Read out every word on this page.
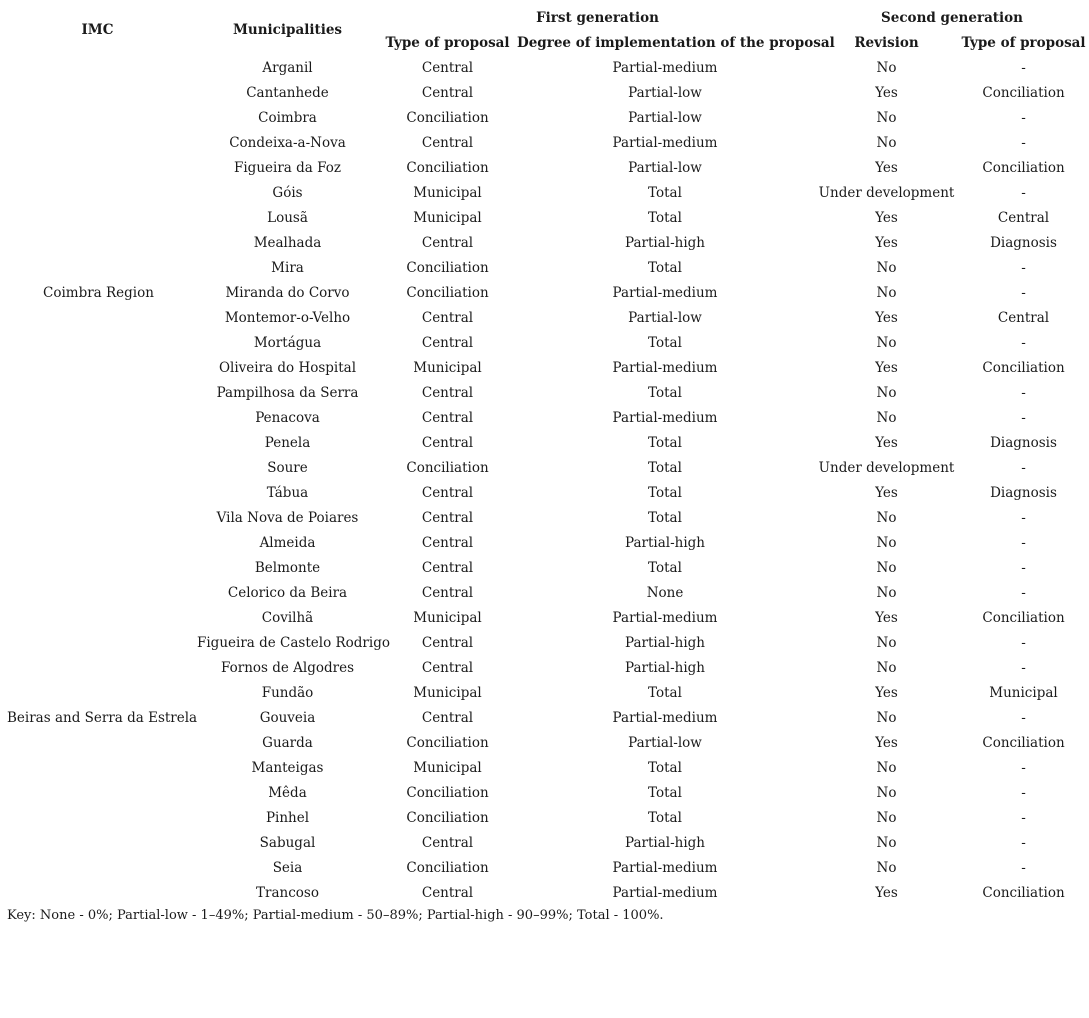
IMC	Municipalities	First generation		Second generation	
		Type of proposal	Degree of implementation of the proposal	Revision	Type of proposal
Coimbra Region	Arganil	Central	Partial-medium	No	-
	Cantanhede	Central	Partial-low	Yes	Conciliation
	Coimbra	Conciliation	Partial-low	No	-
	Condeixa-a-Nova	Central	Partial-medium	No	-
	Figueira da Foz	Conciliation	Partial-low	Yes	Conciliation
	Góis	Municipal	Total	Under development	-
	Lousã	Municipal	Total	Yes	Central
	Mealhada	Central	Partial-high	Yes	Diagnosis
	Mira	Conciliation	Total	No	-
	Miranda do Corvo	Conciliation	Partial-medium	No	-
	Montemor-o-Velho	Central	Partial-low	Yes	Central
	Mortágua	Central	Total	No	-
	Oliveira do Hospital	Municipal	Partial-medium	Yes	Conciliation
	Pampilhosa da Serra	Central	Total	No	-
	Penacova	Central	Partial-medium	No	-
	Penela	Central	Total	Yes	Diagnosis
	Soure	Conciliation	Total	Under development	-
	Tábua	Central	Total	Yes	Diagnosis
	Vila Nova de Poiares	Central	Total	No	-
Beiras and Serra da Estrela	Almeida	Central	Partial-high	No	-
	Belmonte	Central	Total	No	-
	Celorico da Beira	Central	None	No	-
	Covilhã	Municipal	Partial-medium	Yes	Conciliation
	Figueira de Castelo Rodrigo	Central	Partial-high	No	-
	Fornos de Algodres	Central	Partial-high	No	-
	Fundão	Municipal	Total	Yes	Municipal
	Gouveia	Central	Partial-medium	No	-
	Guarda	Conciliation	Partial-low	Yes	Conciliation
	Manteigas	Municipal	Total	No	-
	Mêda	Conciliation	Total	No	-
	Pinhel	Conciliation	Total	No	-
	Sabugal	Central	Partial-high	No	-
	Seia	Conciliation	Partial-medium	No	-
	Trancoso	Central	Partial-medium	Yes	Conciliation
Key: None - 0%; Partial-low - 1–49%; Partial-medium - 50–89%; Partial-high - 90–99%; Total - 100%.
